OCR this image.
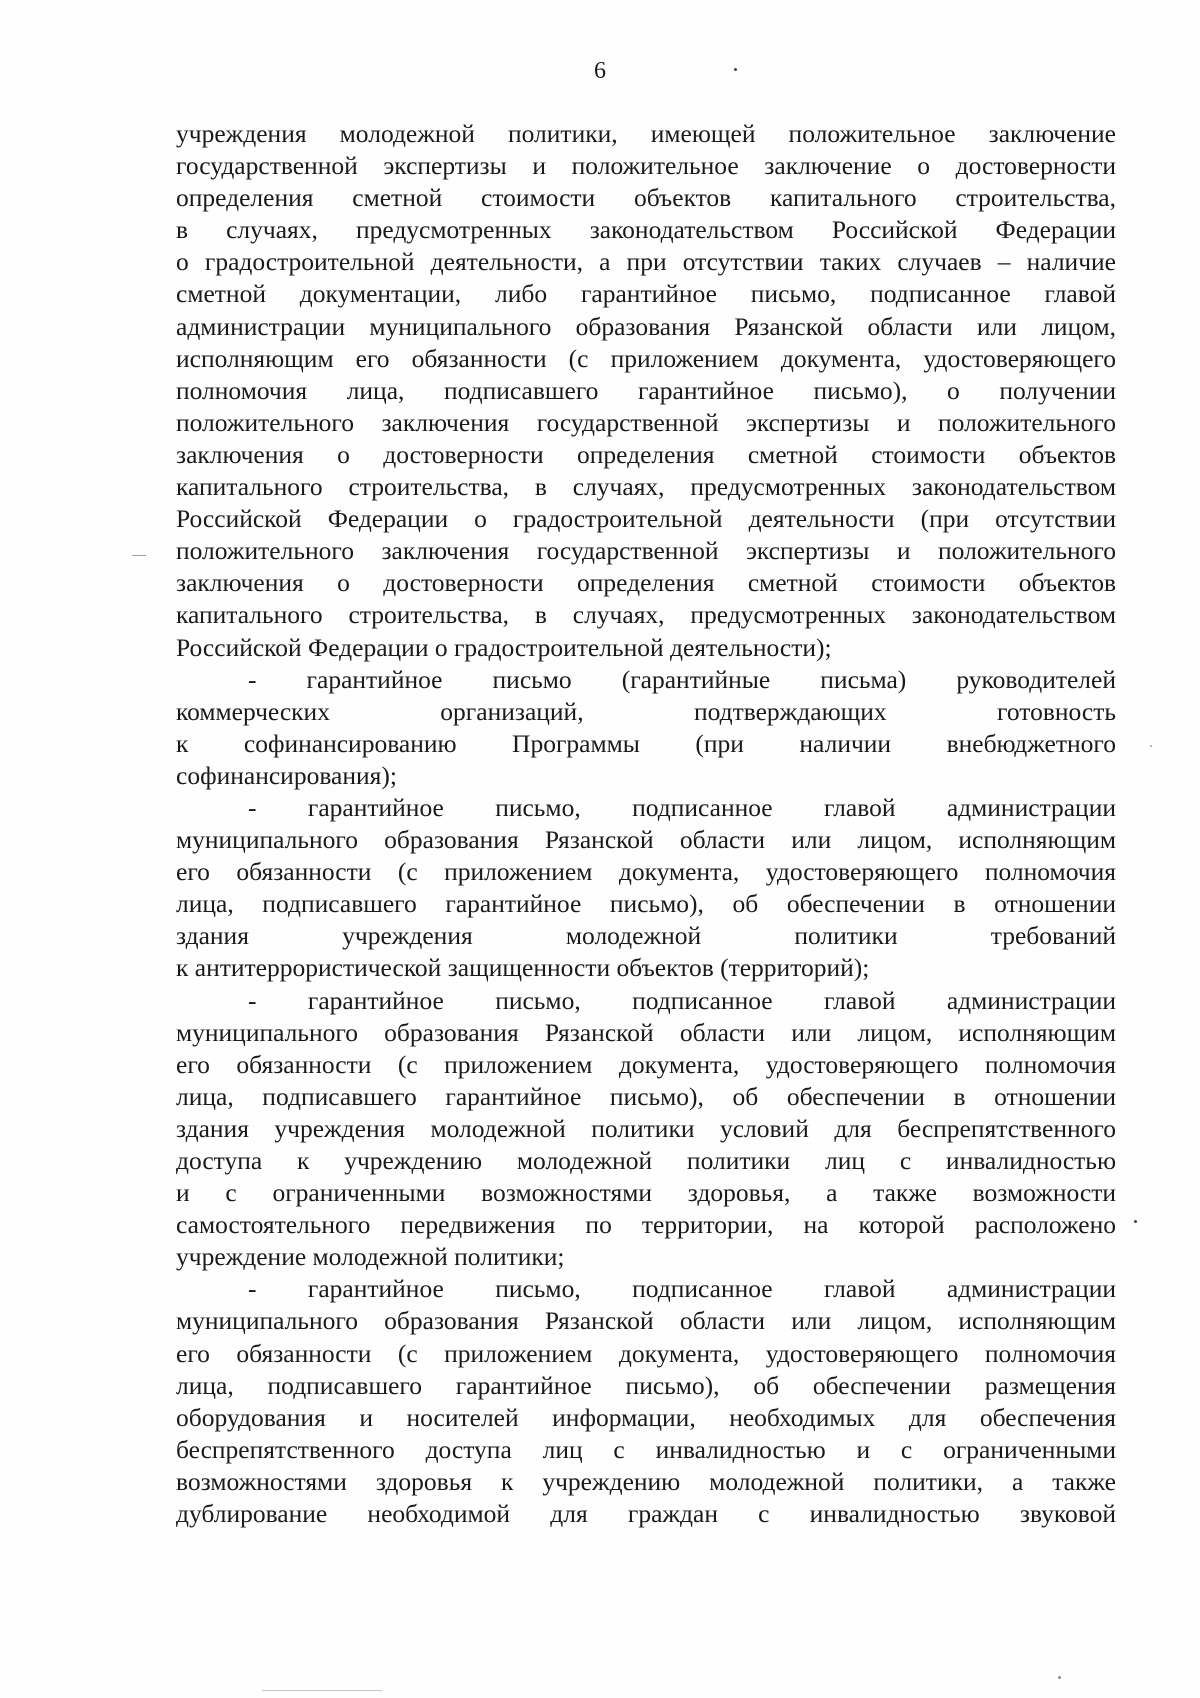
6
учреждения молодежной политики, имеющей положительное заключение
государственной экспертизы и положительное заключение о достоверности
определения сметной стоимости объектов капитального строительства,
в случаях, предусмотренных законодательством Российской Федерации
о градостроительной деятельности, а при отсутствии таких случаев – наличие
сметной документации, либо гарантийное письмо, подписанное главой
администрации муниципального образования Рязанской области или лицом,
исполняющим его обязанности (с приложением документа, удостоверяющего
полномочия лица, подписавшего гарантийное письмо), о получении
положительного заключения государственной экспертизы и положительного
заключения о достоверности определения сметной стоимости объектов
капитального строительства, в случаях, предусмотренных законодательством
Российской Федерации о градостроительной деятельности (при отсутствии
положительного заключения государственной экспертизы и положительного
заключения о достоверности определения сметной стоимости объектов
капитального строительства, в случаях, предусмотренных законодательством
Российской Федерации о градостроительной деятельности);
- гарантийное письмо (гарантийные письма) руководителей
коммерческих организаций, подтверждающих готовность
к софинансированию Программы (при наличии внебюджетного
софинансирования);
- гарантийное письмо, подписанное главой администрации
муниципального образования Рязанской области или лицом, исполняющим
его обязанности (с приложением документа, удостоверяющего полномочия
лица, подписавшего гарантийное письмо), об обеспечении в отношении
здания учреждения молодежной политики требований
к антитеррористической защищенности объектов (территорий);
- гарантийное письмо, подписанное главой администрации
муниципального образования Рязанской области или лицом, исполняющим
его обязанности (с приложением документа, удостоверяющего полномочия
лица, подписавшего гарантийное письмо), об обеспечении в отношении
здания учреждения молодежной политики условий для беспрепятственного
доступа к учреждению молодежной политики лиц с инвалидностью
и с ограниченными возможностями здоровья, а также возможности
самостоятельного передвижения по территории, на которой расположено
учреждение молодежной политики;
- гарантийное письмо, подписанное главой администрации
муниципального образования Рязанской области или лицом, исполняющим
его обязанности (с приложением документа, удостоверяющего полномочия
лица, подписавшего гарантийное письмо), об обеспечении размещения
оборудования и носителей информации, необходимых для обеспечения
беспрепятственного доступа лиц с инвалидностью и с ограниченными
возможностями здоровья к учреждению молодежной политики, а также
дублирование необходимой для граждан с инвалидностью звуковой
